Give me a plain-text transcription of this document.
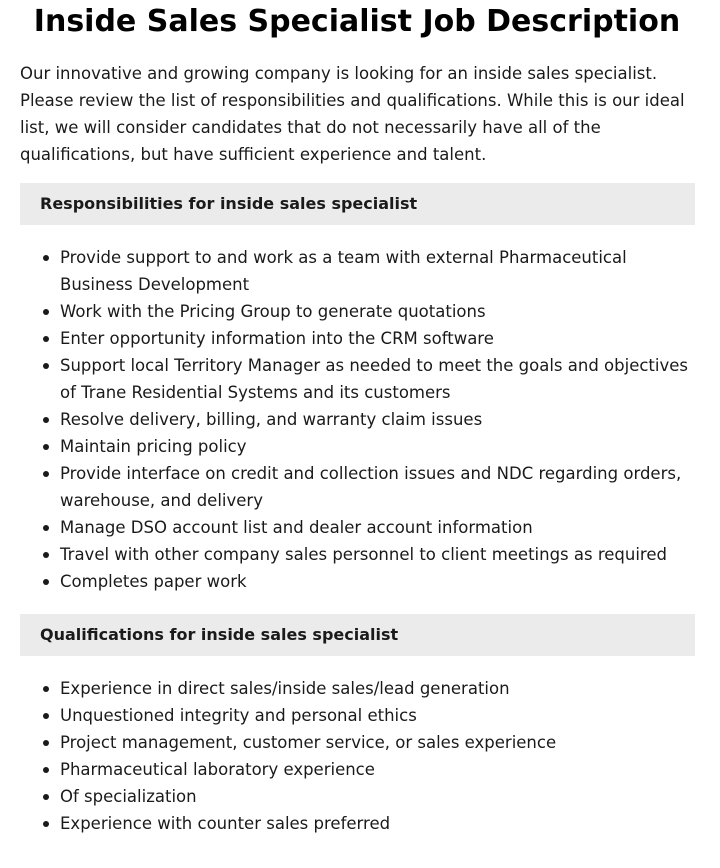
Inside Sales Specialist Job Description

Our innovative and growing company is looking for an inside sales specialist. Please review the list of responsibilities and qualifications. While this is our ideal list, we will consider candidates that do not necessarily have all of the qualifications, but have sufficient experience and talent.

Responsibilities for inside sales specialist
Provide support to and work as a team with external Pharmaceutical Business Development
Work with the Pricing Group to generate quotations
Enter opportunity information into the CRM software
Support local Territory Manager as needed to meet the goals and objectives of Trane Residential Systems and its customers
Resolve delivery, billing, and warranty claim issues
Maintain pricing policy
Provide interface on credit and collection issues and NDC regarding orders, warehouse, and delivery
Manage DSO account list and dealer account information
Travel with other company sales personnel to client meetings as required
Completes paper work
Qualifications for inside sales specialist
Experience in direct sales/inside sales/lead generation
Unquestioned integrity and personal ethics
Project management, customer service, or sales experience
Pharmaceutical laboratory experience
Of specialization
Experience with counter sales preferred
